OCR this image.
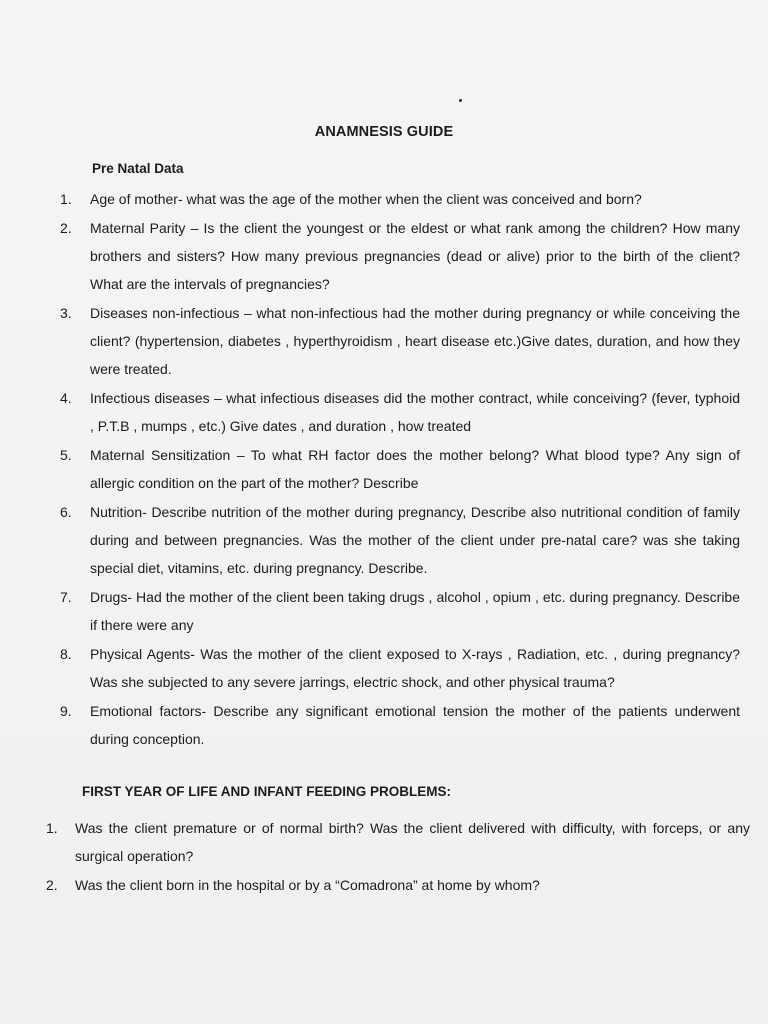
ANAMNESIS GUIDE
Pre Natal Data
1. Age of mother- what was the age of the mother when the client was conceived and born?
2. Maternal Parity – Is the client the youngest or the eldest or what rank among the children? How many brothers and sisters? How many previous pregnancies (dead or alive) prior to the birth of the client? What are the intervals of pregnancies?
3. Diseases non-infectious – what non-infectious had the mother during pregnancy or while conceiving the client? (hypertension, diabetes , hyperthyroidism , heart disease etc.)Give dates, duration, and how they were treated.
4. Infectious diseases – what infectious diseases did the mother contract, while conceiving? (fever, typhoid , P.T.B , mumps , etc.) Give dates , and duration , how treated
5. Maternal Sensitization – To what RH factor does the mother belong? What blood type? Any sign of allergic condition on the part of the mother? Describe
6. Nutrition- Describe nutrition of the mother during pregnancy, Describe also nutritional condition of family during and between pregnancies. Was the mother of the client under pre-natal care? was she taking special diet, vitamins, etc. during pregnancy. Describe.
7. Drugs- Had the mother of the client been taking drugs , alcohol , opium , etc. during pregnancy. Describe if there were any
8. Physical Agents- Was the mother of the client exposed to X-rays , Radiation, etc. , during pregnancy? Was she subjected to any severe jarrings, electric shock, and other physical trauma?
9. Emotional factors- Describe any significant emotional tension the mother of the patients underwent during conception.
FIRST YEAR OF LIFE AND INFANT FEEDING PROBLEMS:
1. Was the client premature or of normal birth? Was the client delivered with difficulty, with forceps, or any surgical operation?
2. Was the client born in the hospital or by a “Comadrona” at home by whom?
